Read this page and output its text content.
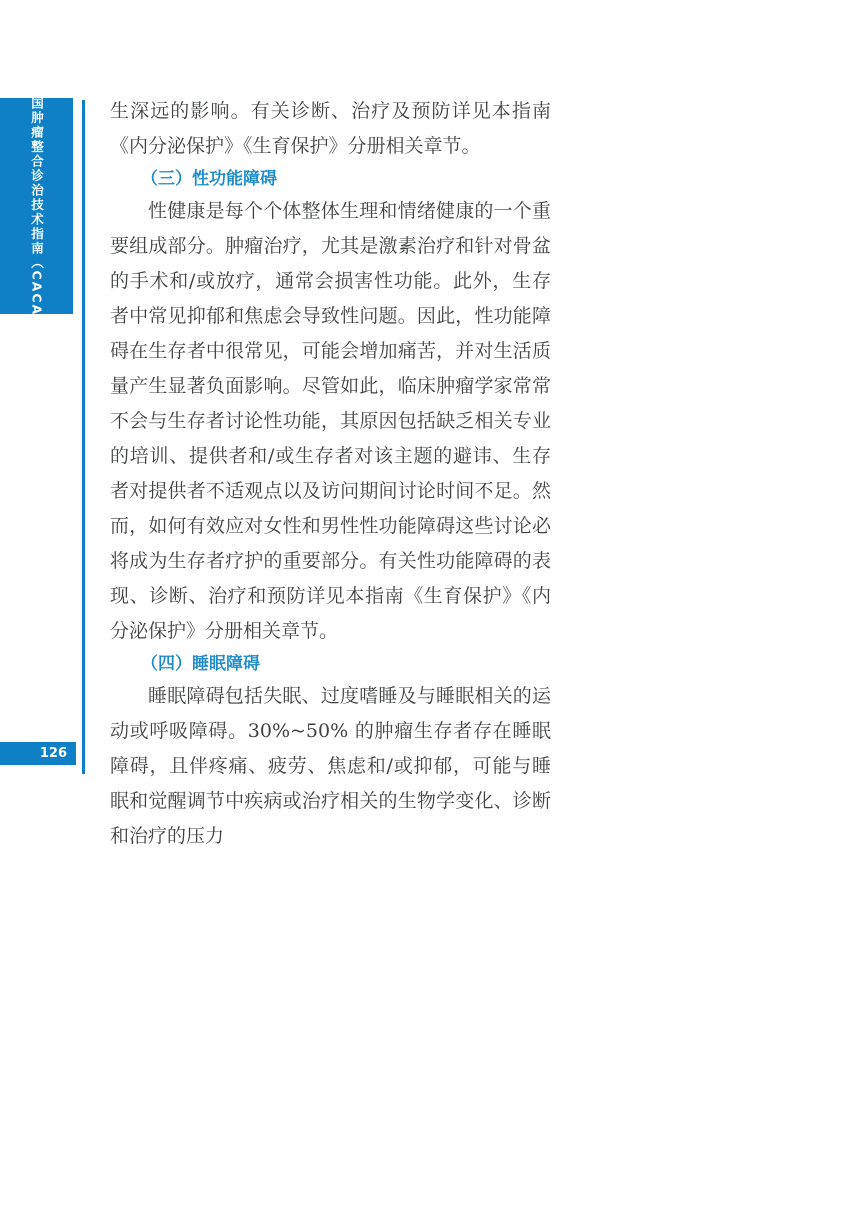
中国肿瘤整合诊治技术指南（CACA）
126

生深远的影响。有关诊断、治疗及预防详见本指南《内分泌保护》《生育保护》分册相关章节。

（三）性功能障碍

性健康是每个个体整体生理和情绪健康的一个重要组成部分。肿瘤治疗，尤其是激素治疗和针对骨盆的手术和/或放疗，通常会损害性功能。此外，生存者中常见抑郁和焦虑会导致性问题。因此，性功能障碍在生存者中很常见，可能会增加痛苦，并对生活质量产生显著负面影响。尽管如此，临床肿瘤学家常常不会与生存者讨论性功能，其原因包括缺乏相关专业的培训、提供者和/或生存者对该主题的避讳、生存者对提供者不适观点以及访问期间讨论时间不足。然而，如何有效应对女性和男性性功能障碍这些讨论必将成为生存者疗护的重要部分。有关性功能障碍的表现、诊断、治疗和预防详见本指南《生育保护》《内分泌保护》分册相关章节。

（四）睡眠障碍

睡眠障碍包括失眠、过度嗜睡及与睡眠相关的运动或呼吸障碍。30%~50% 的肿瘤生存者存在睡眠障碍，且伴疼痛、疲劳、焦虑和/或抑郁，可能与睡眠和觉醒调节中疾病或治疗相关的生物学变化、诊断和治疗的压力
